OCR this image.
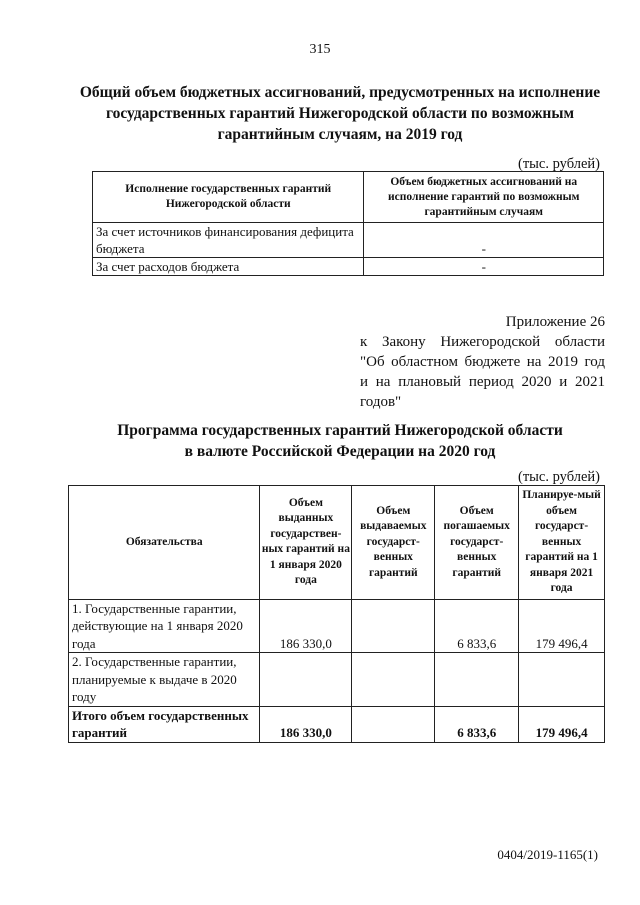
315
Общий объем бюджетных ассигнований, предусмотренных на исполнение государственных гарантий Нижегородской области по возможным гарантийным случаям, на 2019 год
(тыс. рублей)
Исполнение государственных гарантий Нижегородской области	Объем бюджетных ассигнований на исполнение гарантий по возможным гарантийным случаям
За счет источников финансирования дефицита бюджета	-
За счет расходов бюджета	-
Приложение 26
к Закону Нижегородской области
"Об областном бюджете на 2019 год
и на плановый период 2020 и 2021
годов"
Программа государственных гарантий Нижегородской области
в валюте Российской Федерации на 2020 год
(тыс. рублей)
Обязательства	Объем выданных государствен-ных гарантий на 1 января 2020 года	Объем выдаваемых государст-венных гарантий	Объем погашаемых государст-венных гарантий	Планируе-мый объем государст-венных гарантий на 1 января 2021 года
1. Государственные гарантии, действующие на 1 января 2020 года	186 330,0		6 833,6	179 496,4
2. Государственные гарантии, планируемые к выдаче в 2020 году				
Итого объем государственных гарантий	186 330,0		6 833,6	179 496,4
0404/2019-1165(1)
